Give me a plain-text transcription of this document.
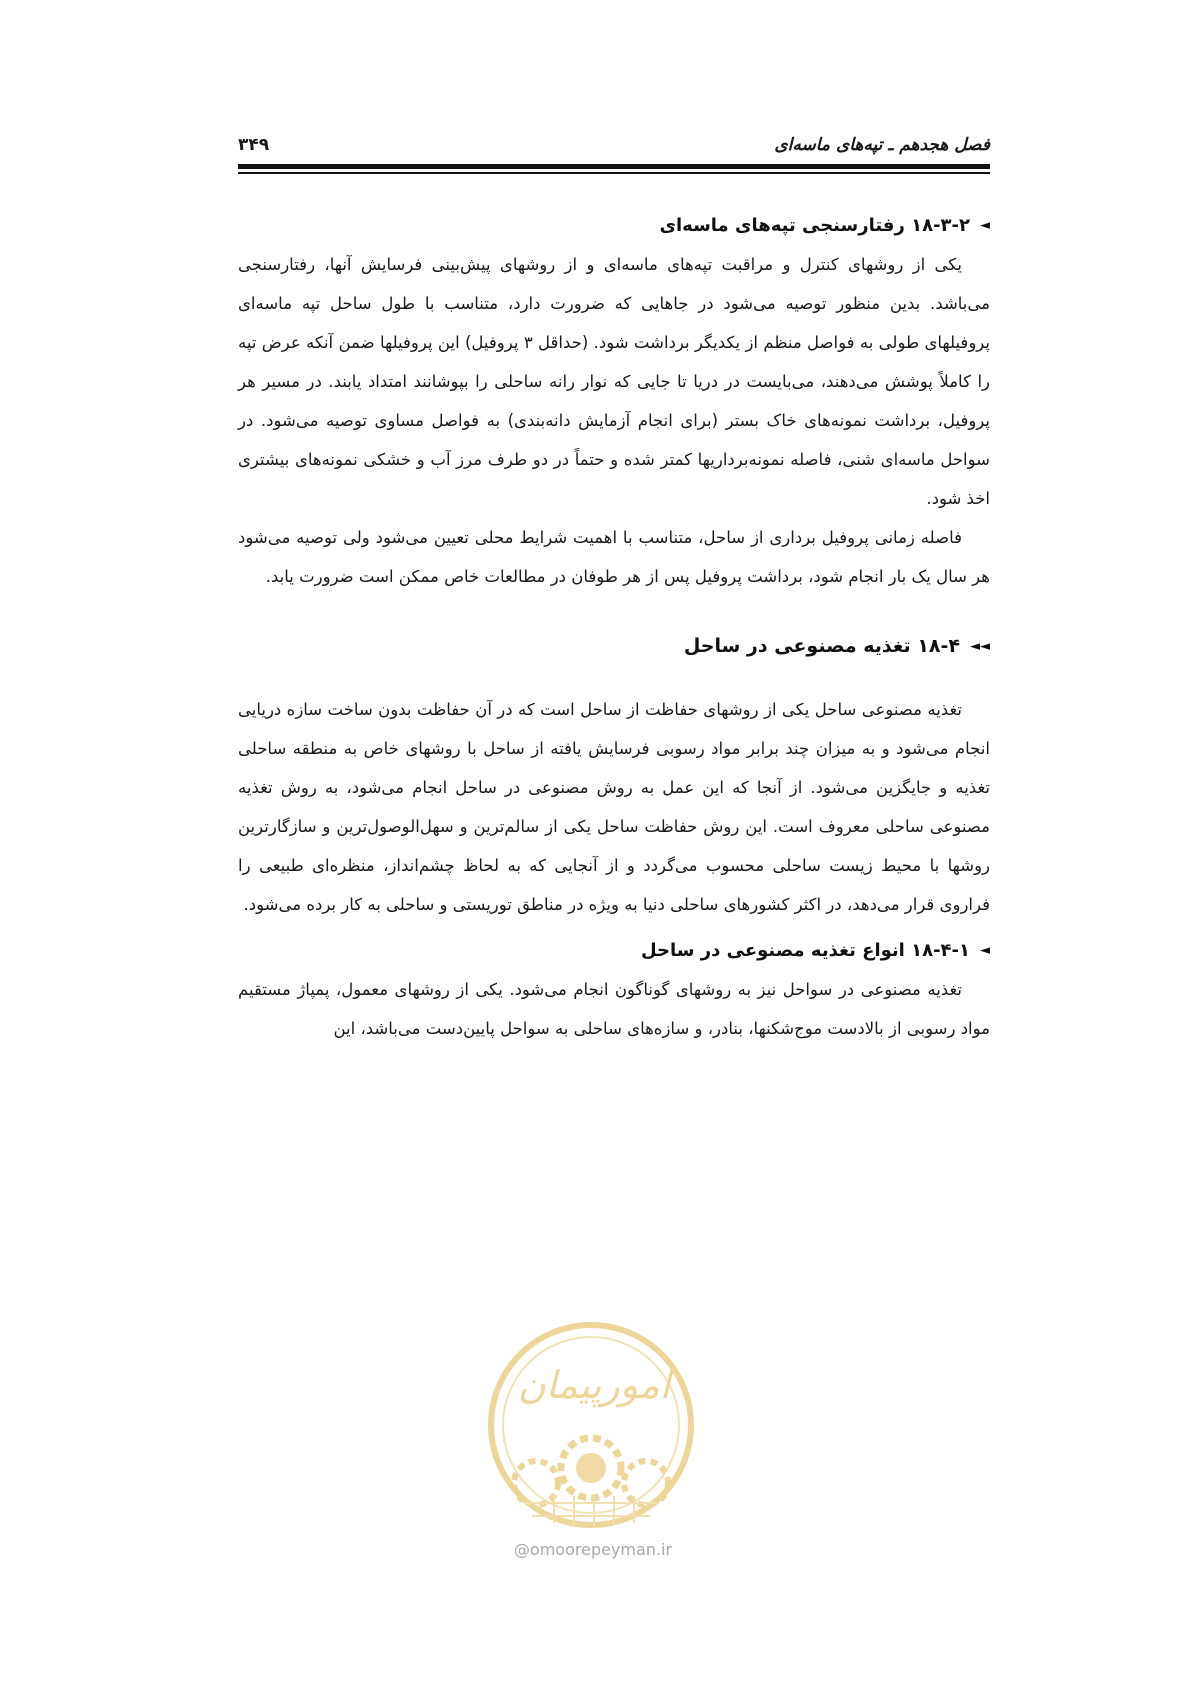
فصل هجدهم ـ تپه‌های ماسه‌ای
۳۴۹
◄
۱۸-۳-۲ رفتارسنجی تپه‌های ماسه‌ای

یکی از روشهای کنترل و مراقبت تپه‌های ماسه‌ای و از روشهای پیش‌بینی فرسایش آنها، رفتارسنجی می‌باشد. بدین منظور توصیه می‌شود در جاهایی که ضرورت دارد، متناسب با طول ساحل تپه ماسه‌ای پروفیلهای طولی به فواصل منظم از یکدیگر برداشت شود. (حداقل ۳ پروفیل) این پروفیلها ضمن آنکه عرض تپه را کاملاً پوشش می‌دهند، می‌بایست در دریا تا جایی که نوار رانه ساحلی را بپوشانند امتداد یابند. در مسیر هر پروفیل، برداشت نمونه‌های خاک بستر (برای انجام آزمایش دانه‌بندی) به فواصل مساوی توصیه می‌شود. در سواحل ماسه‌ای شنی، فاصله نمونه‌برداریها کمتر شده و حتماً در دو طرف مرز آب و خشکی نمونه‌های بیشتری اخذ شود.

فاصله زمانی پروفیل برداری از ساحل، متناسب با اهمیت شرایط محلی تعیین می‌شود ولی توصیه می‌شود هر سال یک بار انجام شود، برداشت پروفیل پس از هر طوفان در مطالعات خاص ممکن است ضرورت یابد.

◄◄
۱۸-۴ تغذیه مصنوعی در ساحل

تغذیه مصنوعی ساحل یکی از روشهای حفاظت از ساحل است که در آن حفاظت بدون ساخت سازه دریایی انجام می‌شود و به میزان چند برابر مواد رسوبی فرسایش یافته از ساحل با روشهای خاص به منطقه ساحلی تغذیه و جایگزین می‌شود. از آنجا که این عمل به روش مصنوعی در ساحل انجام می‌شود، به روش تغذیه مصنوعی ساحلی معروف است. این روش حفاظت ساحل یکی از سالم‌ترین و سهل‌الوصول‌ترین و سازگارترین روشها با محیط زیست ساحلی محسوب می‌گردد و از آنجایی که به لحاظ چشم‌انداز، منظره‌ای طبیعی را فراروی قرار می‌دهد، در اکثر کشورهای ساحلی دنیا به ویژه در مناطق توریستی و ساحلی به کار برده می‌شود.

◄
۱۸-۴-۱ انواع تغذیه مصنوعی در ساحل

تغذیه مصنوعی در سواحل نیز به روشهای گوناگون انجام می‌شود. یکی از روشهای معمول، پمپاژ مستقیم مواد رسوبی از بالادست موج‌شکنها، بنادر، و سازه‌های ساحلی به سواحل پایین‌دست می‌باشد، این

امورپیمان
@omoorepeyman.ir
